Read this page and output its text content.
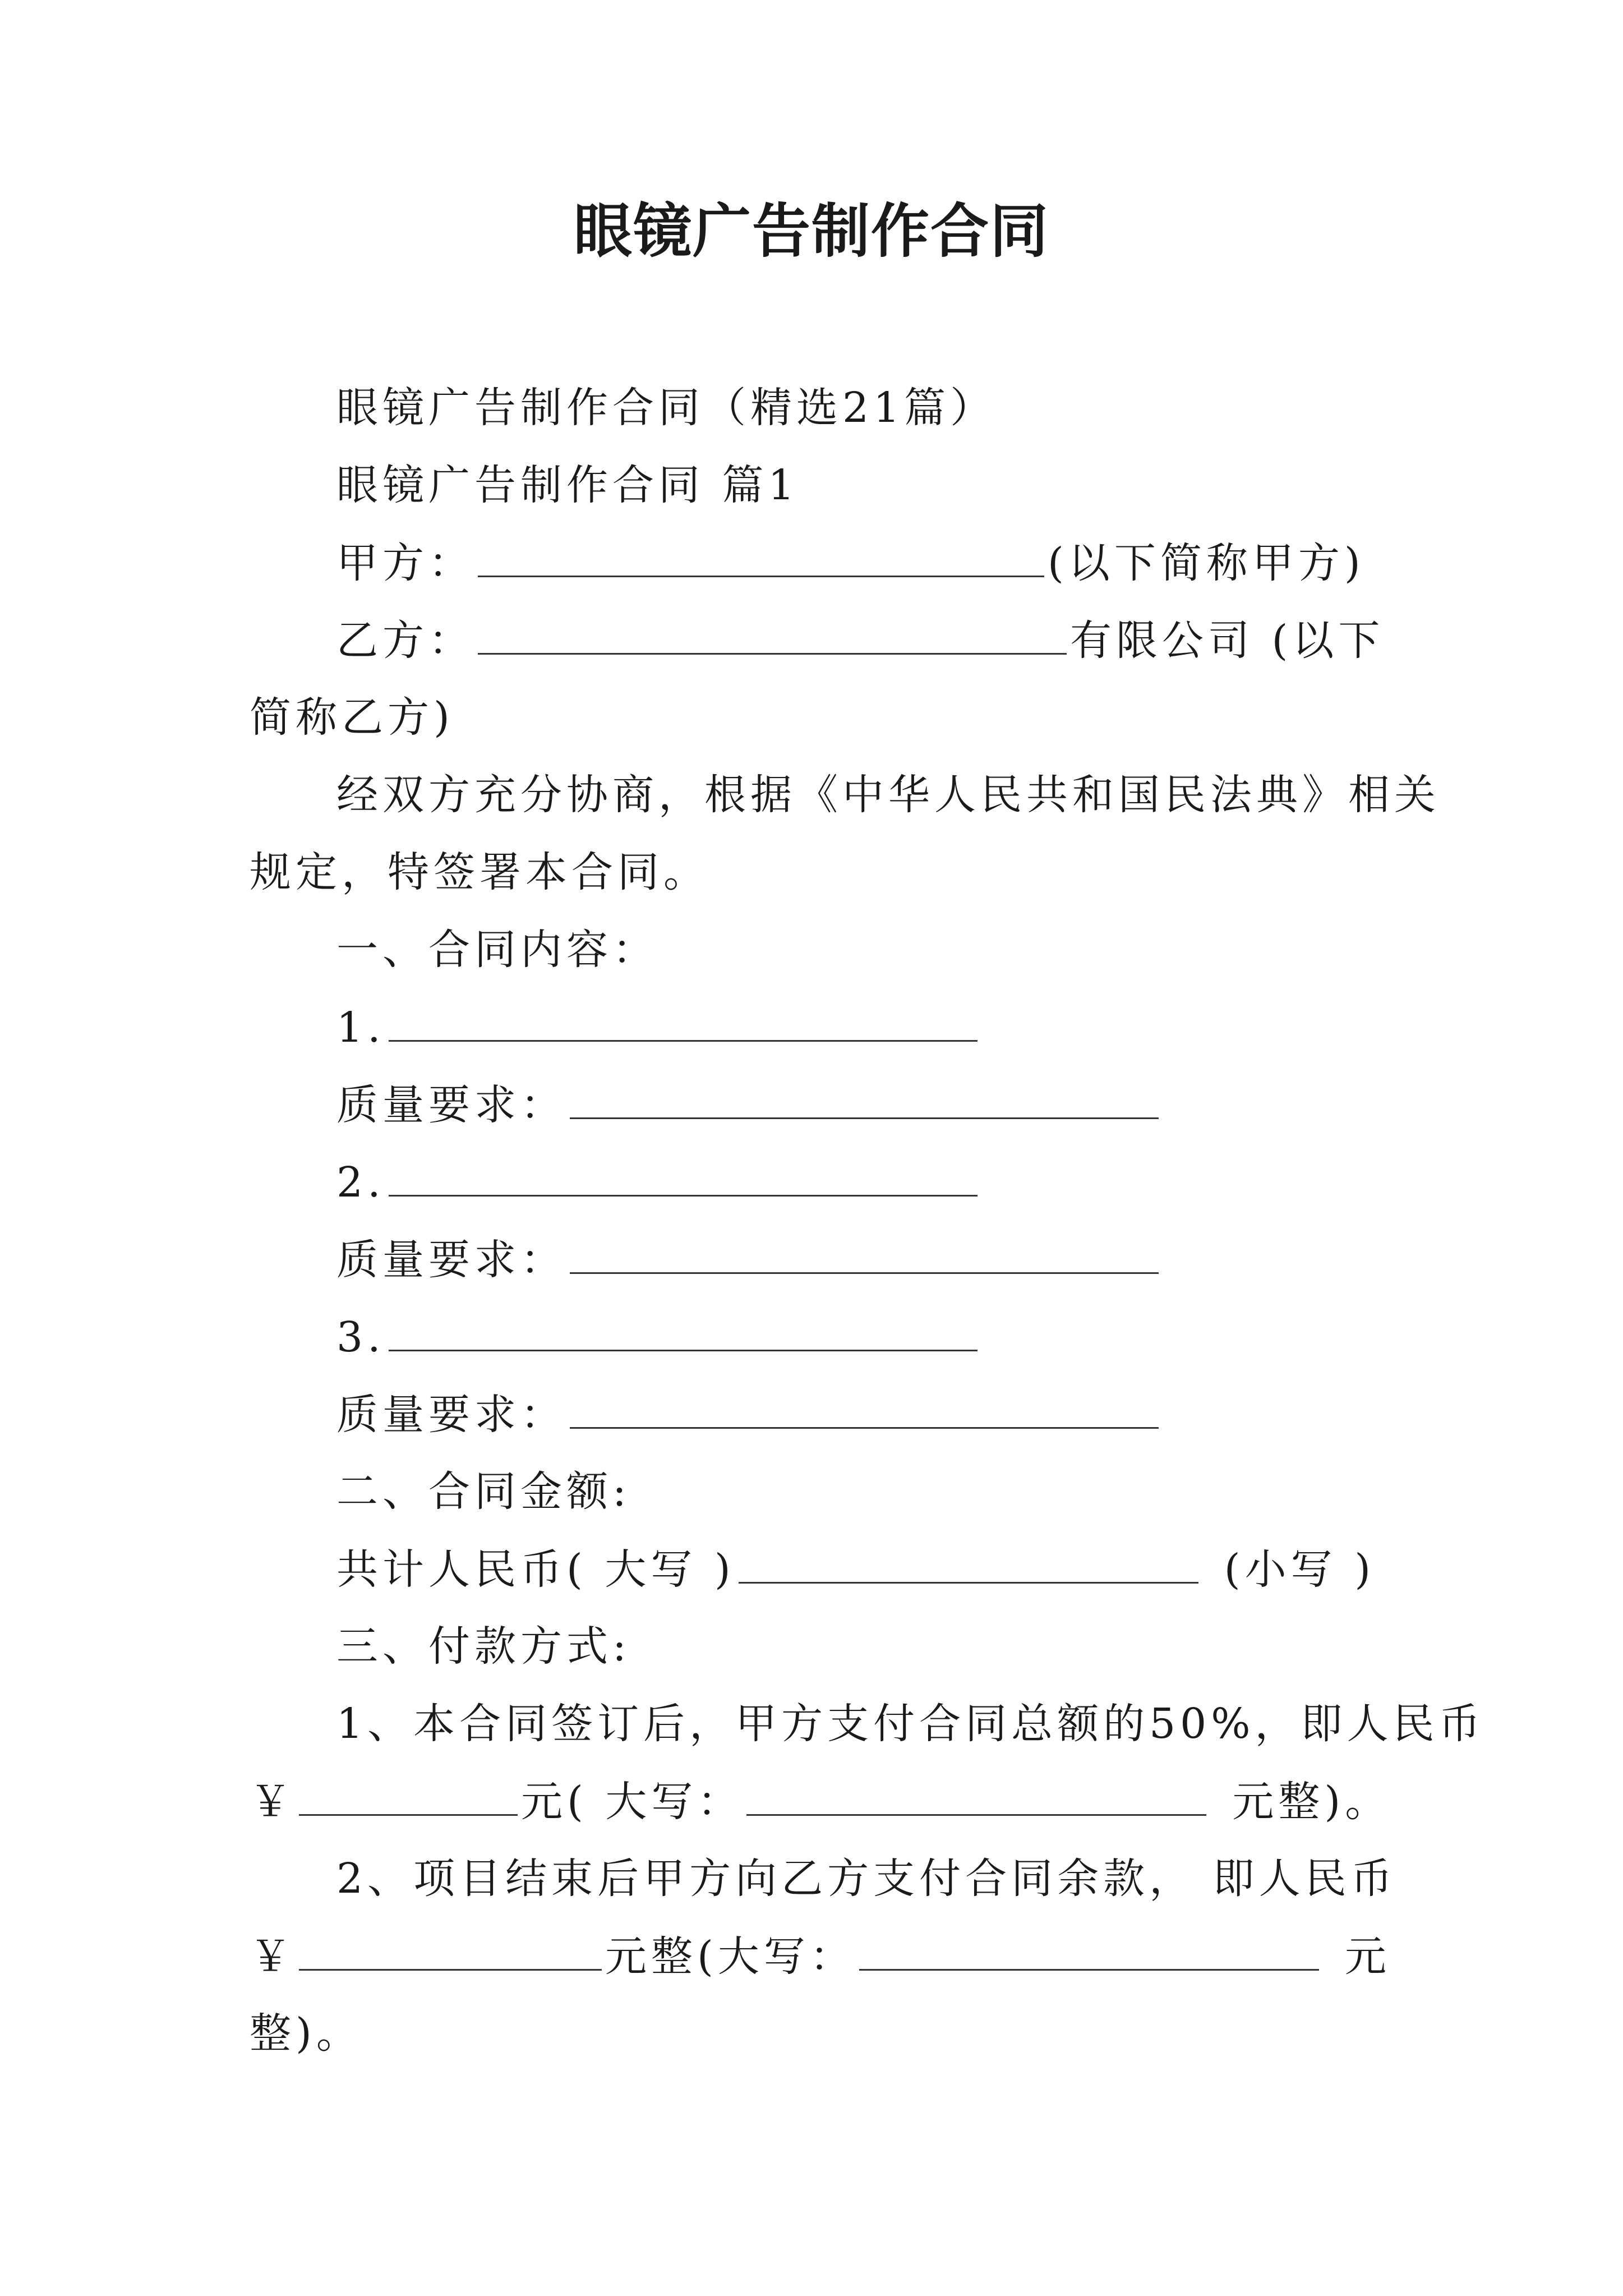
眼镜广告制作合同
眼镜广告制作合同（精选21篇）
眼镜广告制作合同 篇1
甲方：	(以下简称甲方)
乙方：	有限公司 (以下
简称乙方)
经双方充分协商，根据《中华人民共和国民法典》相关
规定，特签署本合同。
一、合同内容：
1.
质量要求：
2.
质量要求：
3.
质量要求：
二、合同金额:
共计人民币( 大写 )	(小写 )
三、付款方式:
1、本合同签订后，甲方支付合同总额的50%，即人民币
￥	元( 大写：	元整)。
2、项目结束后甲方向乙方支付合同余款， 即人民币
￥	元整(大写：	元
整)。
